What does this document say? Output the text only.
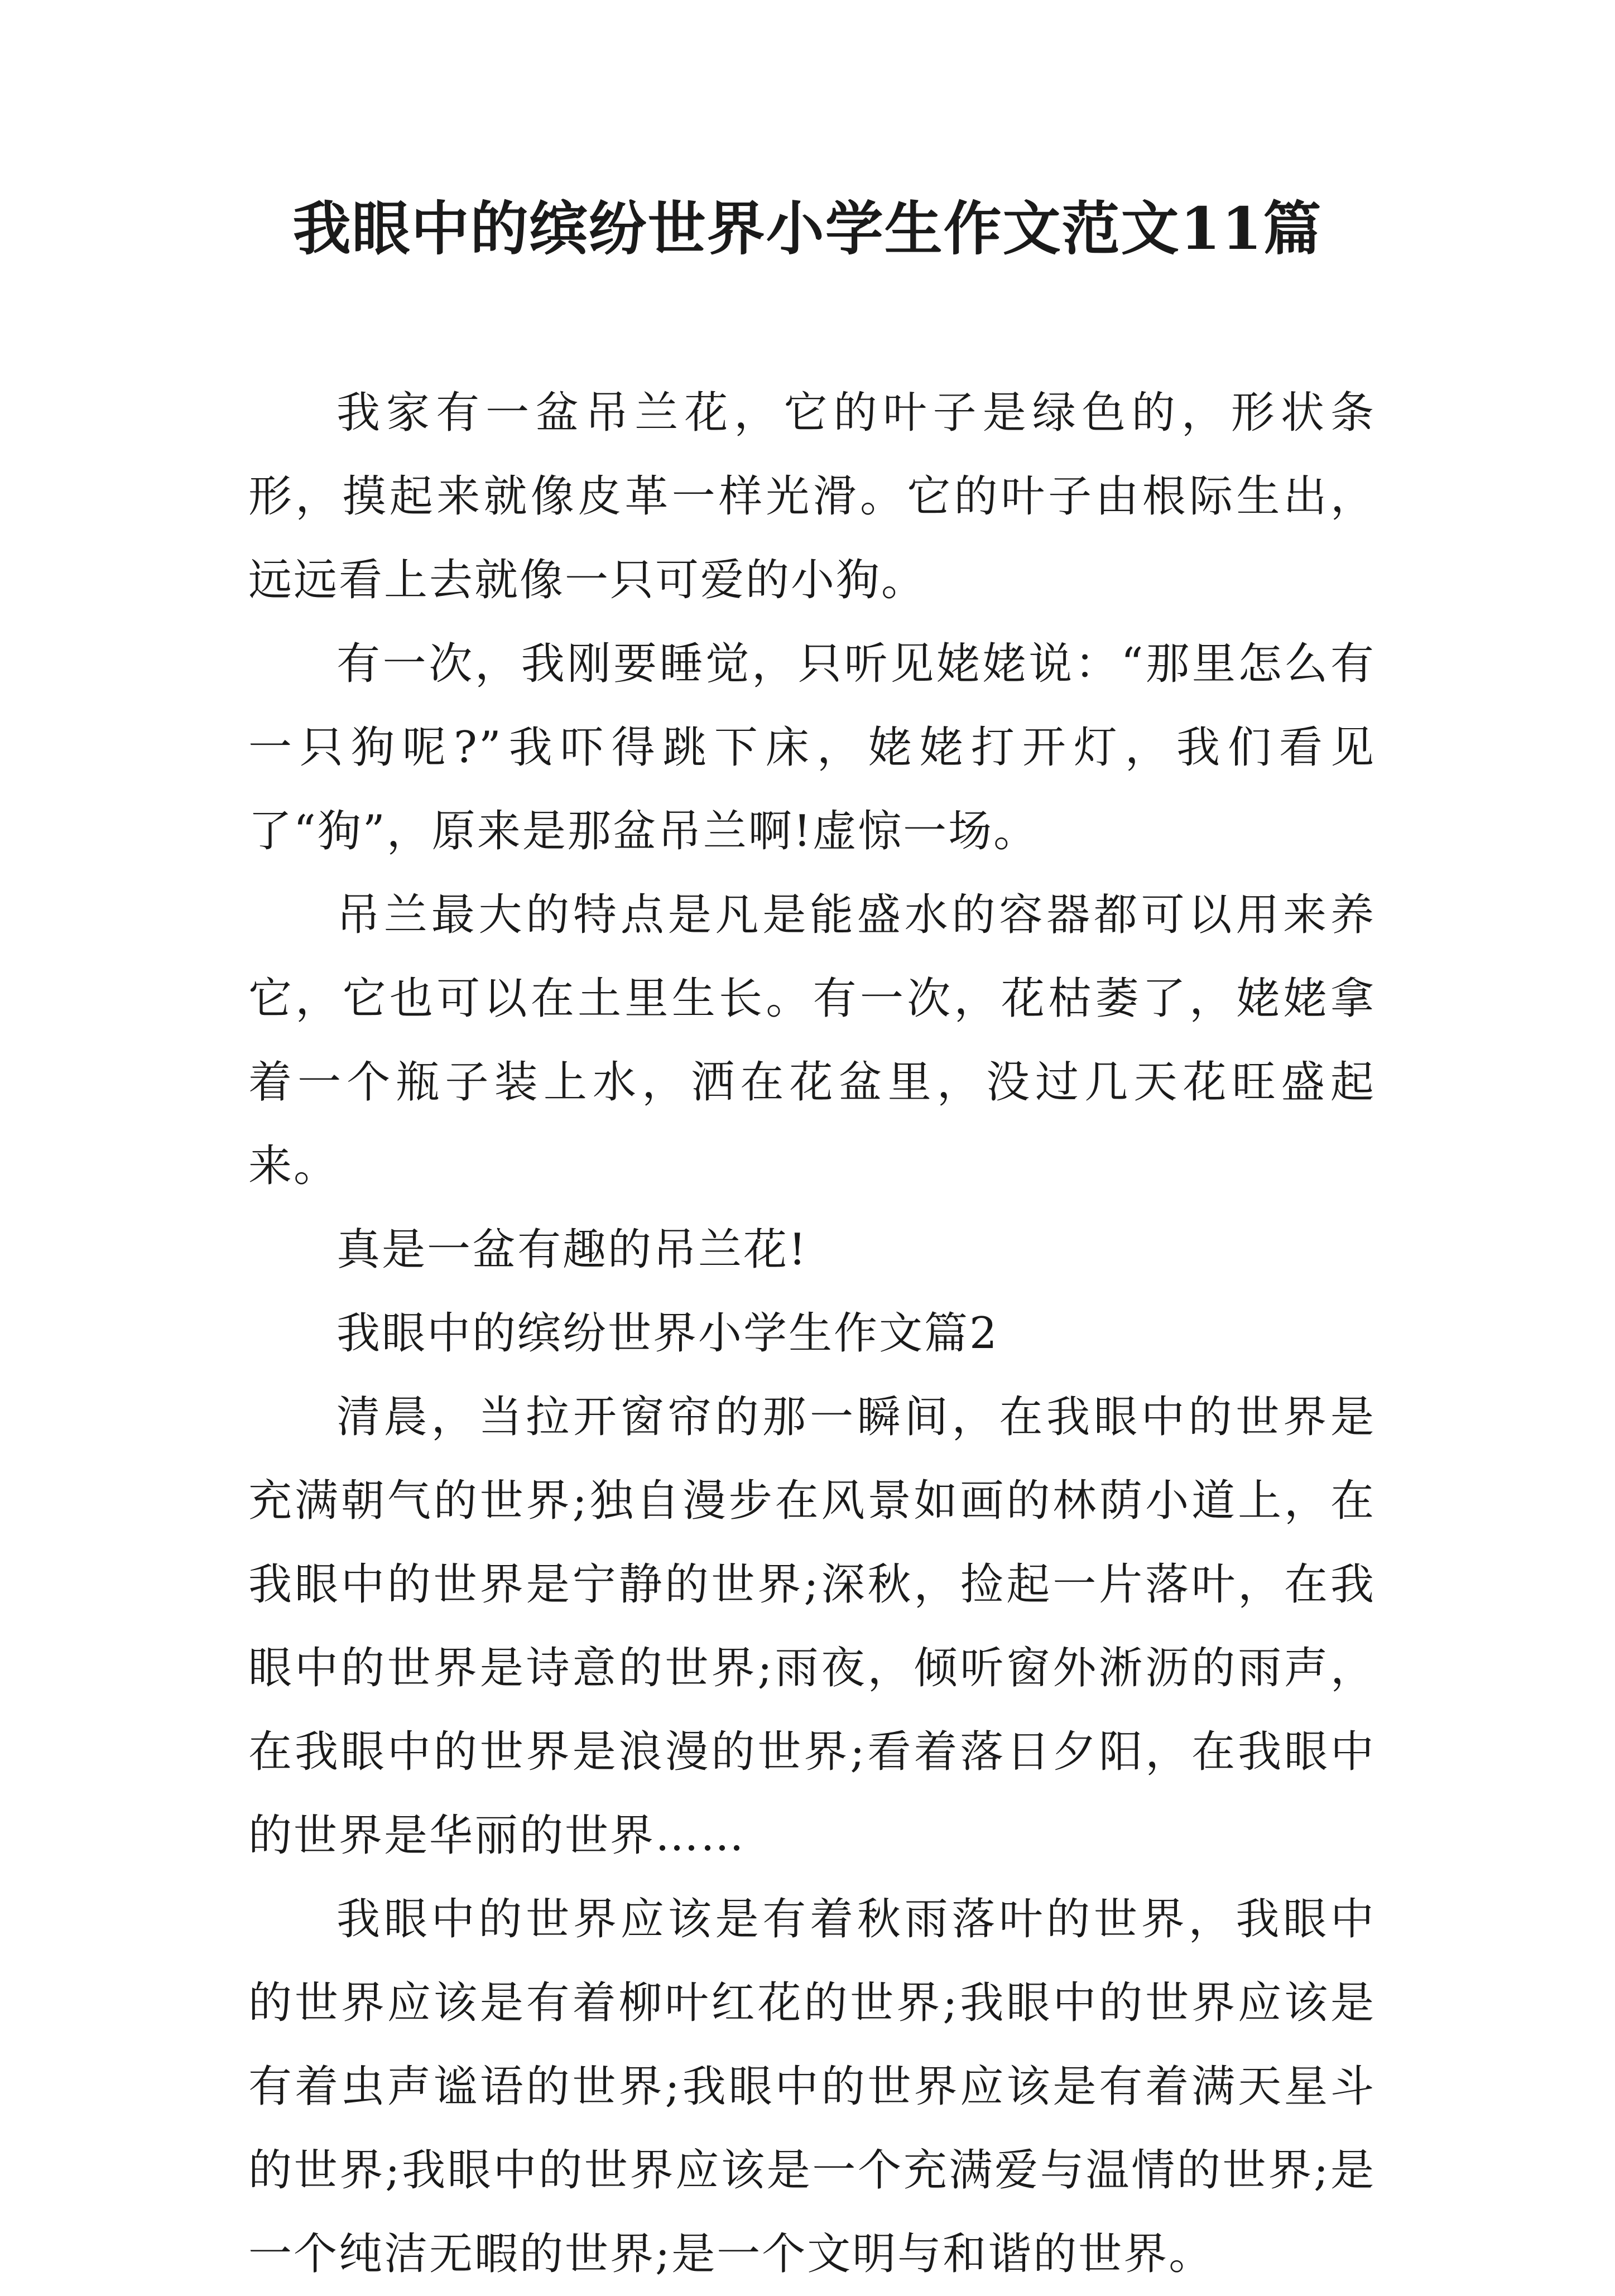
我眼中的缤纷世界小学生作文范文11篇

我家有一盆吊兰花，它的叶子是绿色的，形状条形，摸起来就像皮革一样光滑。它的叶子由根际生出，远远看上去就像一只可爱的小狗。

有一次，我刚要睡觉，只听见姥姥说：“那里怎么有一只狗呢?”我吓得跳下床，姥姥打开灯，我们看见了“狗”，原来是那盆吊兰啊!虚惊一场。

吊兰最大的特点是凡是能盛水的容器都可以用来养它，它也可以在土里生长。有一次，花枯萎了，姥姥拿着一个瓶子装上水，洒在花盆里，没过几天花旺盛起来。

真是一盆有趣的吊兰花!

我眼中的缤纷世界小学生作文篇2

清晨，当拉开窗帘的那一瞬间，在我眼中的世界是充满朝气的世界;独自漫步在风景如画的林荫小道上，在我眼中的世界是宁静的世界;深秋，捡起一片落叶，在我眼中的世界是诗意的世界;雨夜，倾听窗外淅沥的雨声，在我眼中的世界是浪漫的世界;看着落日夕阳，在我眼中的世界是华丽的世界……

我眼中的世界应该是有着秋雨落叶的世界，我眼中的世界应该是有着柳叶红花的世界;我眼中的世界应该是有着虫声谧语的世界;我眼中的世界应该是有着满天星斗的世界;我眼中的世界应该是一个充满爱与温情的世界;是一个纯洁无暇的世界;是一个文明与和谐的世界。
